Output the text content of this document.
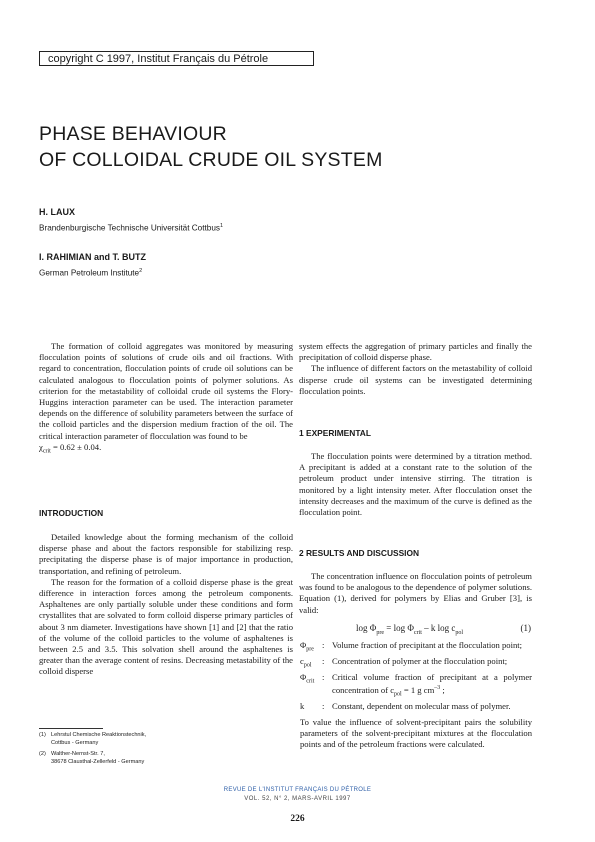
copyright C 1997, Institut Français du Pétrole
PHASE BEHAVIOUR
OF COLLOIDAL CRUDE OIL SYSTEM
H. LAUX
Brandenburgische Technische Universität Cottbus$^1$
I. RAHIMIAN and T. BUTZ
German Petroleum Institute$^2$

The formation of colloid aggregates was monitored by measuring flocculation points of solutions of crude oils and oil fractions. With regard to concentration, flocculation points of crude oil solutions can be calculated analogous to flocculation points of polymer solutions. As criterion for the metastability of colloidal crude oil systems the Flory-Huggins interaction parameter can be used. The interaction parameter depends on the difference of solubility parameters between the surface of the colloid particles and the dispersion medium fraction of the oil. The critical interaction parameter of flocculation was found to be
$\chi_{crit} = 0.62 \pm 0.04$.

INTRODUCTION

Detailed knowledge about the forming mechanism of the colloid disperse phase and about the factors responsible for stabilizing resp. precipitating the disperse phase is of major importance in production, transportation, and refining of petroleum.

The reason for the formation of a colloid disperse phase is the great difference in interaction forces among the petroleum components. Asphaltenes are only partially soluble under these conditions and form crystallites that are solvated to form colloid disperse primary particles of about 3 nm diameter. Investigations have shown [1] and [2] that the ratio of the volume of the colloid particles to the volume of asphaltenes is between 2.5 and 3.5. This solvation shell around the asphaltenes is greater than the average content of resins. Decreasing metastability of the colloid disperse

(1) Lehrstul Chemische Reaktionstechnik,
Cottbus - Germany
(2) Walther-Nernst-Str. 7,
38678 Clausthal-Zellerfeld - Germany

system effects the aggregation of primary particles and finally the precipitation of colloid disperse phase.

The influence of different factors on the metastability of colloid disperse crude oil systems can be investigated determining flocculation points.

1 EXPERIMENTAL

The flocculation points were determined by a titration method. A precipitant is added at a constant rate to the solution of the petroleum product under intensive stirring. The titration is monitored by a light intensity meter. After flocculation onset the intensity decreases and the maximum of the curve is defined as the flocculation point.

2 RESULTS AND DISCUSSION

The concentration influence on flocculation points of petroleum was found to be analogous to the dependence of polymer solutions. Equation (1), derived for polymers by Elias and Gruber [3], is valid:

$\log \Phi_{pre} = \log \Phi_{crit} - k$ $\log c_{pol}$	(1)
$\Phi_{pre}$ : Volume fraction of precipitant at the flocculation point;
$c_{pol}$	: Concentration of polymer at the flocculation point;
$\Phi_{crit}$ : Critical volume fraction of precipitant at a polymer concentration of $c_{pol} = 1$ g $cm^{-3}$ ;
k	: Constant, dependent on molecular mass of polymer.
To value the influence of solvent-precipitant pairs the solubility parameters of the solvent-precipitant mixtures at the flocculation points and of the petroleum fractions were calculated.
REVUE DE L'INSTITUT FRANÇAIS DU PÉTROLE
VOL. 52, N° 2, MARS-AVRIL 1997
226
